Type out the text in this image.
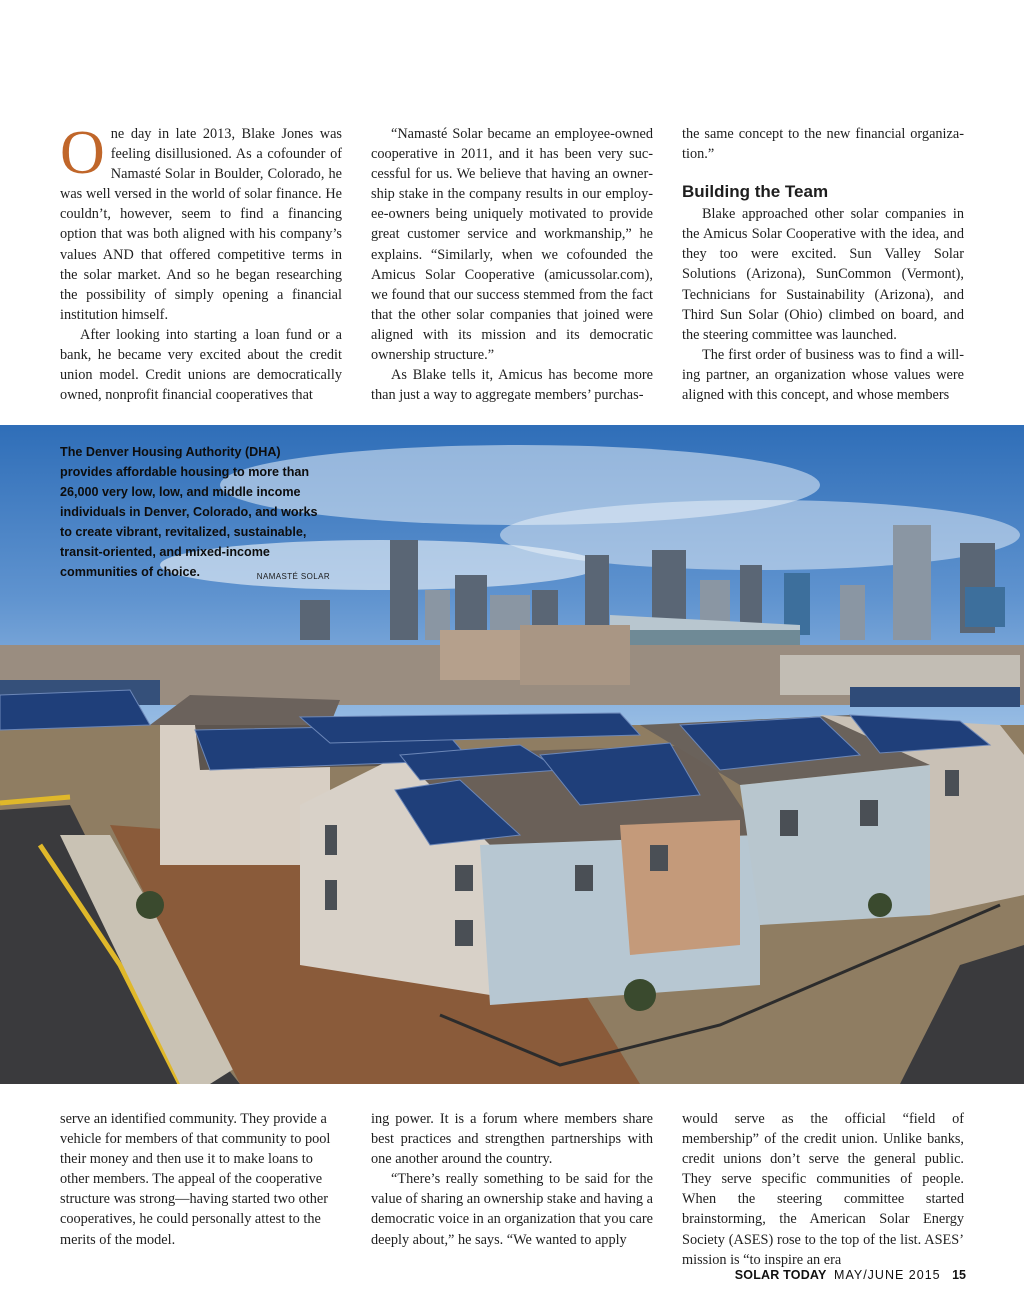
One day in late 2013, Blake Jones was feeling disillusioned. As a cofounder of Namasté Solar in Boulder, Colorado, he was well versed in the world of solar finance. He couldn’t, however, seem to find a financing option that was both aligned with his company’s values AND that offered competitive terms in the solar market. And so he began researching the possibility of simply opening a financial institution himself.

After looking into starting a loan fund or a bank, he became very excited about the credit union model. Credit unions are democratically owned, nonprofit financial cooperatives that

“Namasté Solar became an employee-owned cooperative in 2011, and it has been very successful for us. We believe that having an ownership stake in the company results in our employee-owners being uniquely motivated to provide great customer service and workmanship,” he explains. “Similarly, when we cofounded the Amicus Solar Cooperative (amicussolar.com), we found that our success stemmed from the fact that the other solar companies that joined were aligned with its mission and its democratic ownership structure.”

As Blake tells it, Amicus has become more than just a way to aggregate members’ purchas-

the same concept to the new financial organization.”

Building the Team

Blake approached other solar companies in the Amicus Solar Cooperative with the idea, and they too were excited. Sun Valley Solar Solutions (Arizona), SunCommon (Vermont), Technicians for Sustainability (Arizona), and Third Sun Solar (Ohio) climbed on board, and the steering committee was launched.

The first order of business was to find a willing partner, an organization whose values were aligned with this concept, and whose members

The Denver Housing Authority (DHA) provides affordable housing to more than 26,000 very low, low, and middle income individuals in Denver, Colorado, and works to create vibrant, revitalized, sustainable, transit-oriented, and mixed-income communities of choice.	NAMASTÉ SOLAR

serve an identified community. They provide a vehicle for members of that community to pool their money and then use it to make loans to other members. The appeal of the cooperative structure was strong—having started two other cooperatives, he could personally attest to the merits of the model.

ing power. It is a forum where members share best practices and strengthen partnerships with one another around the country.

“There’s really something to be said for the value of sharing an ownership stake and having a democratic voice in an organization that you care deeply about,” he says. “We wanted to apply

would serve as the official “field of membership” of the credit union. Unlike banks, credit unions don’t serve the general public. They serve specific communities of people. When the steering committee started brainstorming, the American Solar Energy Society (ASES) rose to the top of the list. ASES’ mission is “to inspire an era

SOLAR TODAY MAY/JUNE 2015 15
